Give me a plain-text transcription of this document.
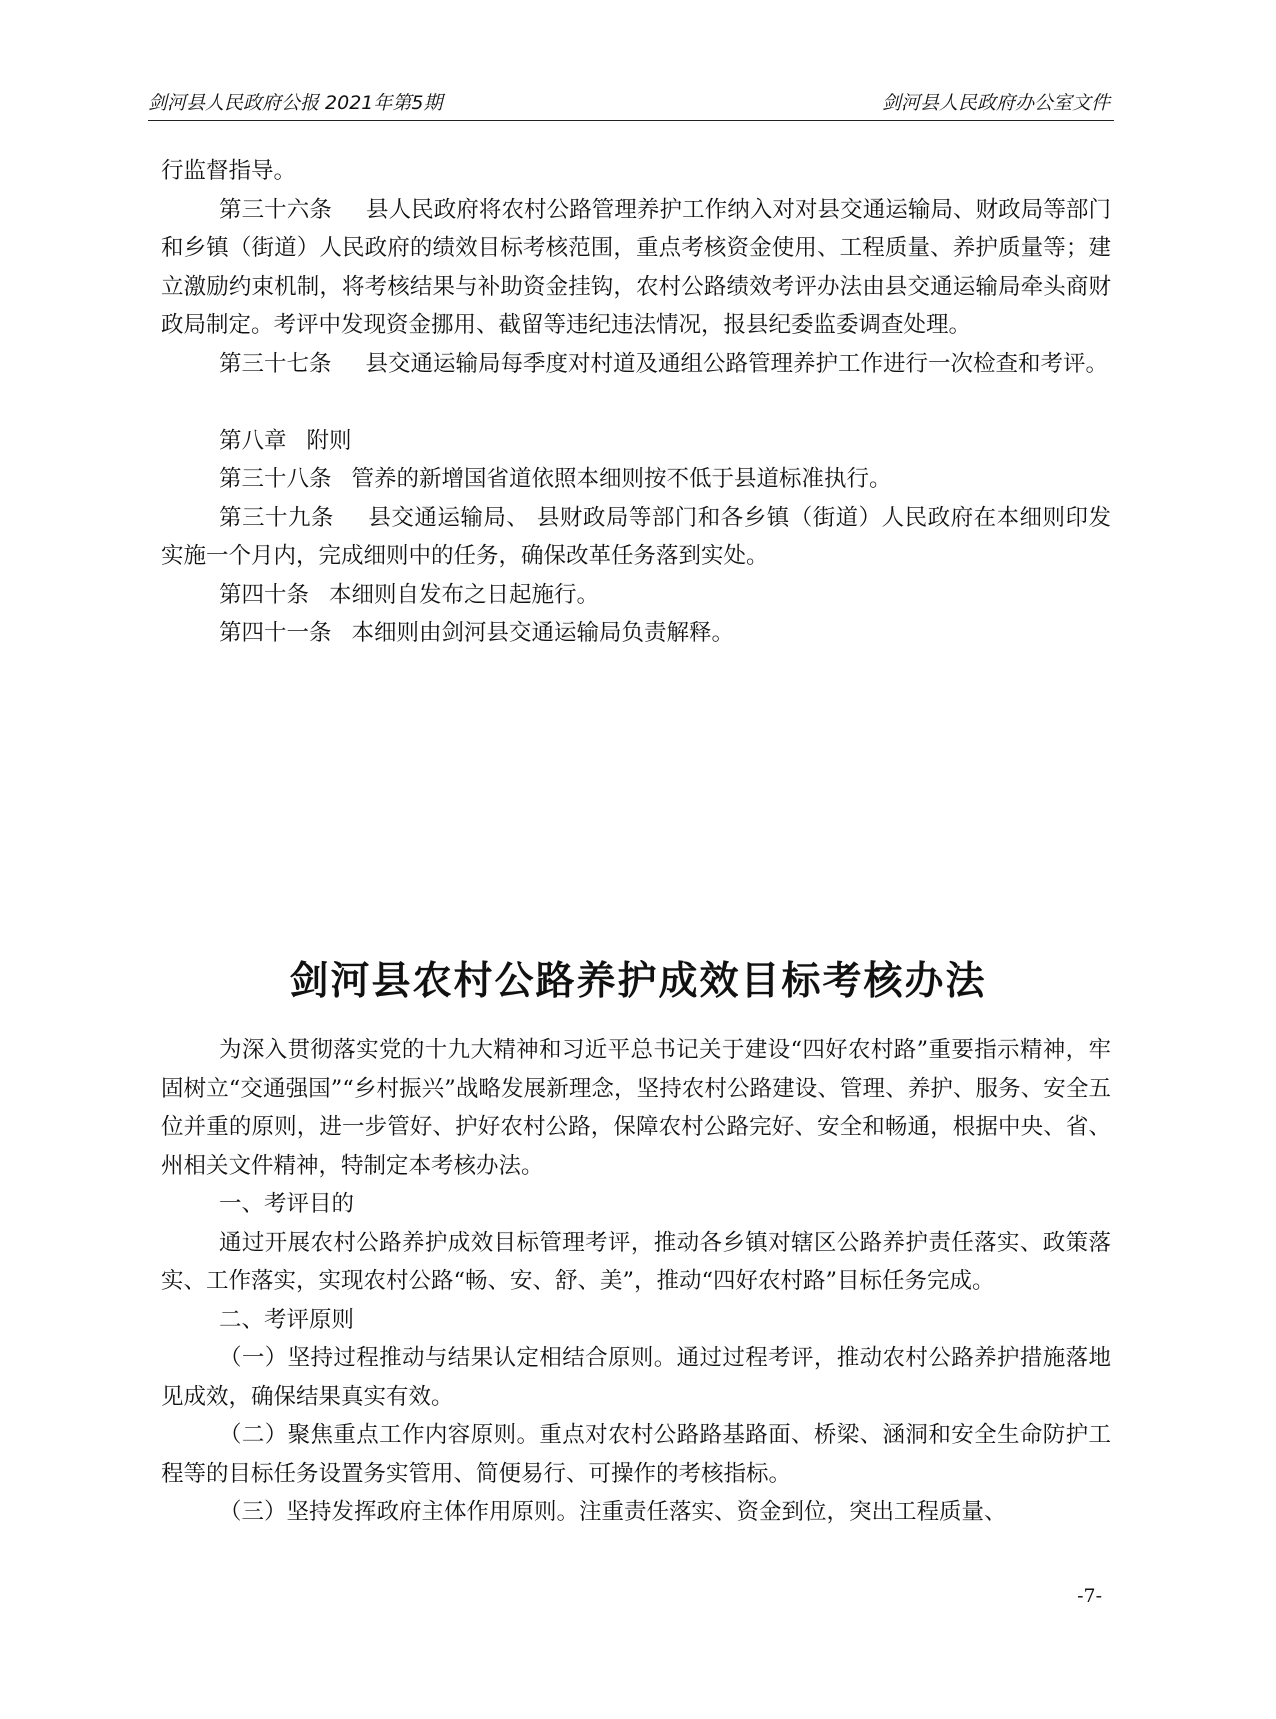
剑河县人民政府公报 2021年第5期	剑河县人民政府办公室文件

行监督指导。

第三十六条 县人民政府将农村公路管理养护工作纳入对对县交通运输局、财政局等部门和乡镇（街道）人民政府的绩效目标考核范围，重点考核资金使用、工程质量、养护质量等；建立激励约束机制，将考核结果与补助资金挂钩，农村公路绩效考评办法由县交通运输局牵头商财政局制定。考评中发现资金挪用、截留等违纪违法情况，报县纪委监委调查处理。

第三十七条 县交通运输局每季度对村道及通组公路管理养护工作进行一次检查和考评。

第八章 附则

第三十八条 管养的新增国省道依照本细则按不低于县道标准执行。

第三十九条 县交通运输局、 县财政局等部门和各乡镇（街道）人民政府在本细则印发实施一个月内，完成细则中的任务，确保改革任务落到实处。

第四十条 本细则自发布之日起施行。

第四十一条 本细则由剑河县交通运输局负责解释。

剑河县农村公路养护成效目标考核办法

为深入贯彻落实党的十九大精神和习近平总书记关于建设“四好农村路”重要指示精神，牢固树立“交通强国”“乡村振兴”战略发展新理念，坚持农村公路建设、管理、养护、服务、安全五位并重的原则，进一步管好、护好农村公路，保障农村公路完好、安全和畅通，根据中央、省、州相关文件精神，特制定本考核办法。

一、考评目的

通过开展农村公路养护成效目标管理考评，推动各乡镇对辖区公路养护责任落实、政策落实、工作落实，实现农村公路“畅、安、舒、美”，推动“四好农村路”目标任务完成。

二、考评原则

（一）坚持过程推动与结果认定相结合原则。通过过程考评，推动农村公路养护措施落地见成效，确保结果真实有效。

（二）聚焦重点工作内容原则。重点对农村公路路基路面、桥梁、涵洞和安全生命防护工程等的目标任务设置务实管用、简便易行、可操作的考核指标。

（三）坚持发挥政府主体作用原则。注重责任落实、资金到位，突出工程质量、

-7-
